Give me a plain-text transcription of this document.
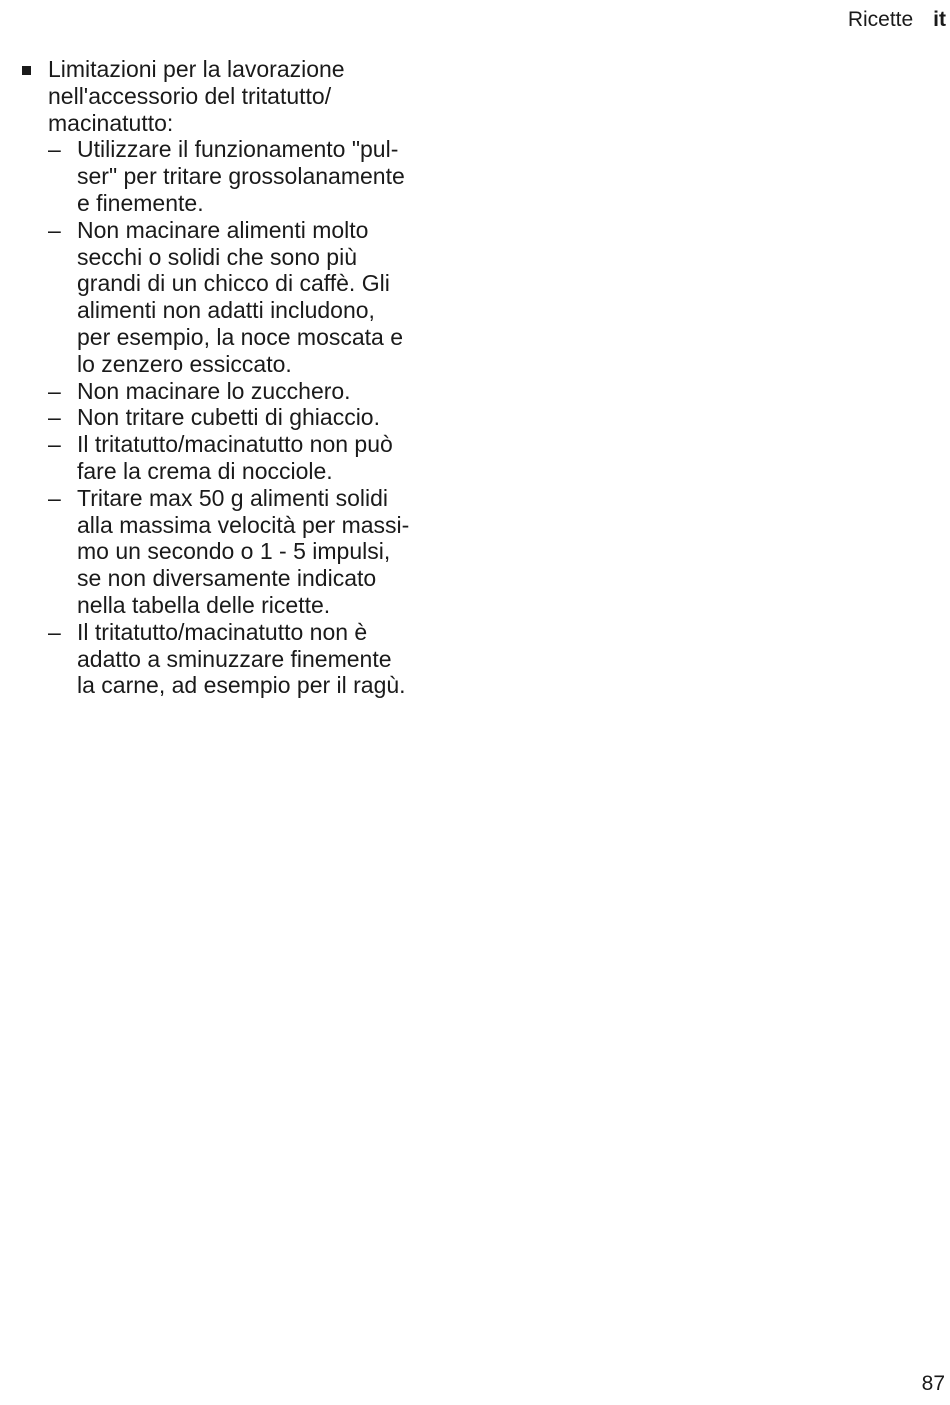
Ricette it
Limitazioni per la lavorazione
nell'accessorio del tritatutto/
macinatutto:
– Utilizzare il funzionamento "pul-
ser" per tritare grossolanamente
e finemente.
– Non macinare alimenti molto
secchi o solidi che sono più
grandi di un chicco di caffè. Gli
alimenti non adatti includono,
per esempio, la noce moscata e
lo zenzero essiccato.
– Non macinare lo zucchero.
– Non tritare cubetti di ghiaccio.
– Il tritatutto/macinatutto non può
fare la crema di nocciole.
– Tritare max 50 g alimenti solidi
alla massima velocità per massi-
mo un secondo o 1 - 5 impulsi,
se non diversamente indicato
nella tabella delle ricette.
– Il tritatutto/macinatutto non è
adatto a sminuzzare finemente
la carne, ad esempio per il ragù.
87
